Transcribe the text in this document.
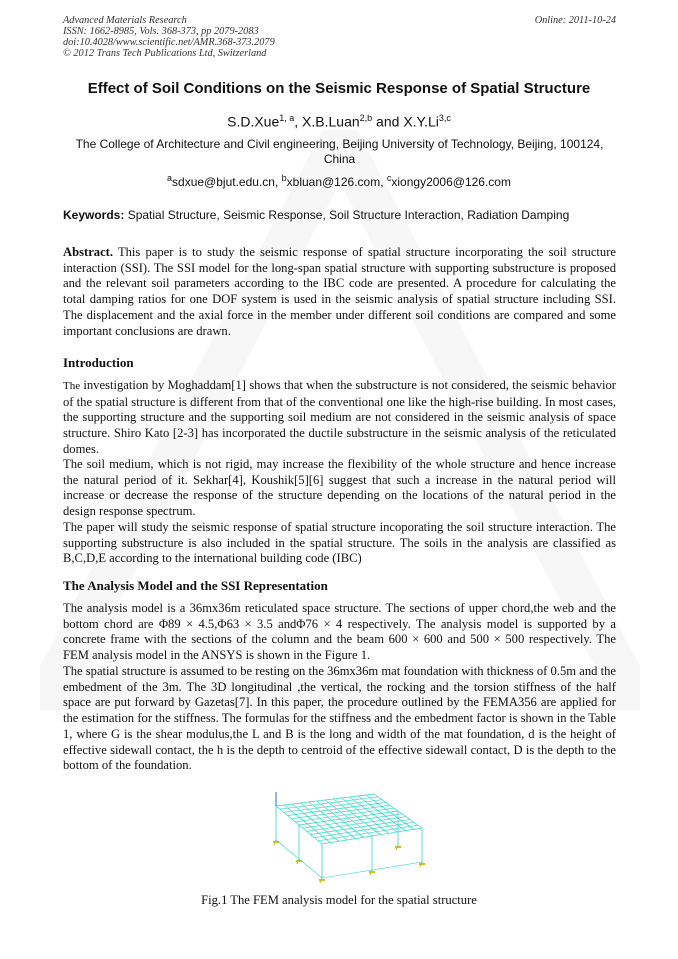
Advanced Materials Research
ISSN: 1662-8985, Vols. 368-373, pp 2079-2083
doi:10.4028/www.scientific.net/AMR.368-373.2079
© 2012 Trans Tech Publications Ltd, Switzerland
Online: 2011-10-24
Effect of Soil Conditions on the Seismic Response of Spatial Structure
S.D.Xue$^{1, a}$, X.B.Luan$^{2,b}$ and X.Y.Li$^{3,c}$
The College of Architecture and Civil engineering, Beijing University of Technology, Beijing, 100124, China
$^a$sdxue@bjut.edu.cn, $^b$xbluan@126.com, $^c$xiongy2006@126.com
Keywords: Spatial Structure, Seismic Response, Soil Structure Interaction, Radiation Damping
Abstract. This paper is to study the seismic response of spatial structure incorporating the soil structure interaction (SSI). The SSI model for the long-span spatial structure with supporting substructure is proposed and the relevant soil parameters according to the IBC code are presented. A procedure for calculating the total damping ratios for one DOF system is used in the seismic analysis of spatial structure including SSI. The displacement and the axial force in the member under different soil conditions are compared and some important conclusions are drawn.
Introduction
The investigation by Moghaddam[1] shows that when the substructure is not considered, the seismic behavior of the spatial structure is different from that of the conventional one like the high-rise building. In most cases, the supporting structure and the supporting soil medium are not considered in the seismic analysis of space structure. Shiro Kato [2-3] has incorporated the ductile substructure in the seismic analysis of the reticulated domes.
The soil medium, which is not rigid, may increase the flexibility of the whole structure and hence increase the natural period of it. Sekhar[4], Koushik[5][6] suggest that such a increase in the natural period will increase or decrease the response of the structure depending on the locations of the natural period in the design response spectrum.
The paper will study the seismic response of spatial structure incoporating the soil structure interaction. The supporting substructure is also included in the spatial structure. The soils in the analysis are classified as B,C,D,E according to the international building code (IBC)
The Analysis Model and the SSI Representation
The analysis model is a 36mx36m reticulated space structure. The sections of upper chord,the web and the bottom chord are Φ89 × 4.5,Φ63 × 3.5 andΦ76 × 4 respectively. The analysis model is supported by a concrete frame with the sections of the column and the beam 600 × 600 and 500 × 500 respectively. The FEM analysis model in the ANSYS is shown in the Figure 1.
The spatial structure is assumed to be resting on the 36mx36m mat foundation with thickness of 0.5m and the embedment of the 3m. The 3D longitudinal ,the vertical, the rocking and the torsion stiffness of the half space are put forward by Gazetas[7]. In this paper, the procedure outlined by the FEMA356 are applied for the estimation for the stiffness. The formulas for the stiffness and the embedment factor is shown in the Table 1, where G is the shear modulus,the L and B is the long and width of the mat foundation, d is the height of effective sidewall contact, the h is the depth to centroid of the effective sidewall contact, D is the depth to the bottom of the foundation.
Fig.1 The FEM analysis model for the spatial structure
